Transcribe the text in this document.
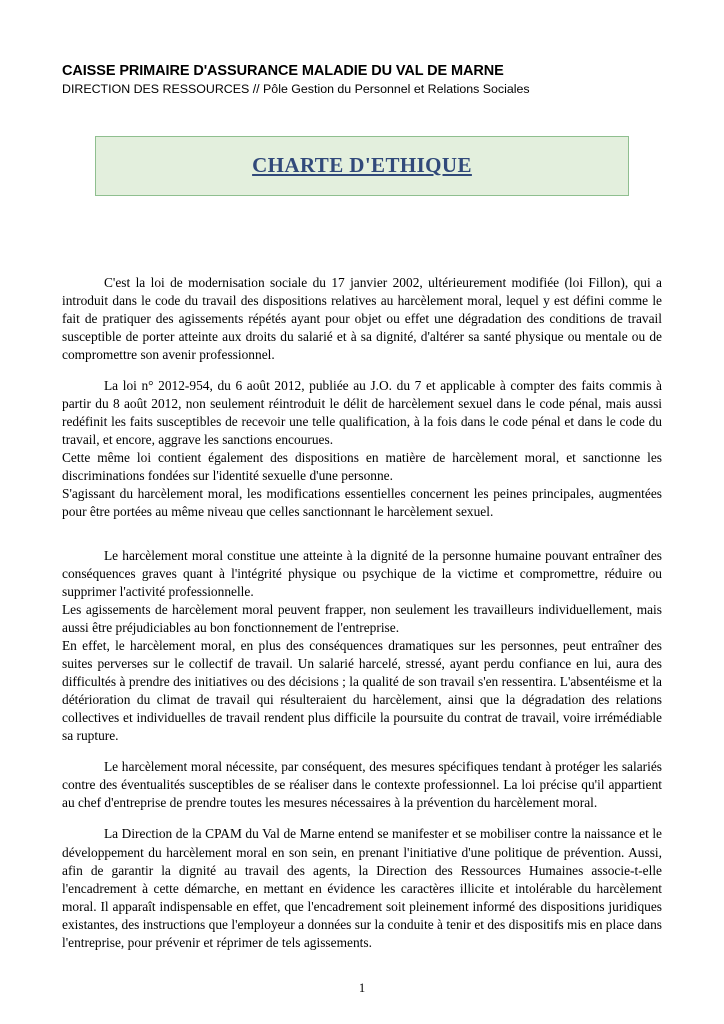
CAISSE PRIMAIRE D'ASSURANCE MALADIE DU VAL DE MARNE
DIRECTION DES RESSOURCES // Pôle Gestion du Personnel et Relations Sociales
CHARTE D'ETHIQUE

C'est la loi de modernisation sociale du 17 janvier 2002, ultérieurement modifiée (loi Fillon), qui a introduit dans le code du travail des dispositions relatives au harcèlement moral, lequel y est défini comme le fait de pratiquer des agissements répétés ayant pour objet ou effet une dégradation des conditions de travail susceptible de porter atteinte aux droits du salarié et à sa dignité, d'altérer sa santé physique ou mentale ou de compromettre son avenir professionnel.

La loi n° 2012-954, du 6 août 2012, publiée au J.O. du 7 et applicable à compter des faits commis à partir du 8 août 2012, non seulement réintroduit le délit de harcèlement sexuel dans le code pénal, mais aussi redéfinit les faits susceptibles de recevoir une telle qualification, à la fois dans le code pénal et dans le code du travail, et encore, aggrave les sanctions encourues.

Cette même loi contient également des dispositions en matière de harcèlement moral, et sanctionne les discriminations fondées sur l'identité sexuelle d'une personne.

S'agissant du harcèlement moral, les modifications essentielles concernent les peines principales, augmentées pour être portées au même niveau que celles sanctionnant le harcèlement sexuel.

Le harcèlement moral constitue une atteinte à la dignité de la personne humaine pouvant entraîner des conséquences graves quant à l'intégrité physique ou psychique de la victime et compromettre, réduire ou supprimer l'activité professionnelle.

Les agissements de harcèlement moral peuvent frapper, non seulement les travailleurs individuellement, mais aussi être préjudiciables au bon fonctionnement de l'entreprise.

En effet, le harcèlement moral, en plus des conséquences dramatiques sur les personnes, peut entraîner des suites perverses sur le collectif de travail. Un salarié harcelé, stressé, ayant perdu confiance en lui, aura des difficultés à prendre des initiatives ou des décisions ; la qualité de son travail s'en ressentira. L'absentéisme et la détérioration du climat de travail qui résulteraient du harcèlement, ainsi que la dégradation des relations collectives et individuelles de travail rendent plus difficile la poursuite du contrat de travail, voire irrémédiable sa rupture.

Le harcèlement moral nécessite, par conséquent, des mesures spécifiques tendant à protéger les salariés contre des éventualités susceptibles de se réaliser dans le contexte professionnel. La loi précise qu'il appartient au chef d'entreprise de prendre toutes les mesures nécessaires à la prévention du harcèlement moral.

La Direction de la CPAM du Val de Marne entend se manifester et se mobiliser contre la naissance et le développement du harcèlement moral en son sein, en prenant l'initiative d'une politique de prévention. Aussi, afin de garantir la dignité au travail des agents, la Direction des Ressources Humaines associe-t-elle l'encadrement à cette démarche, en mettant en évidence les caractères illicite et intolérable du harcèlement moral. Il apparaît indispensable en effet, que l'encadrement soit pleinement informé des dispositions juridiques existantes, des instructions que l'employeur a données sur la conduite à tenir et des dispositifs mis en place dans l'entreprise, pour prévenir et réprimer de tels agissements.

1
